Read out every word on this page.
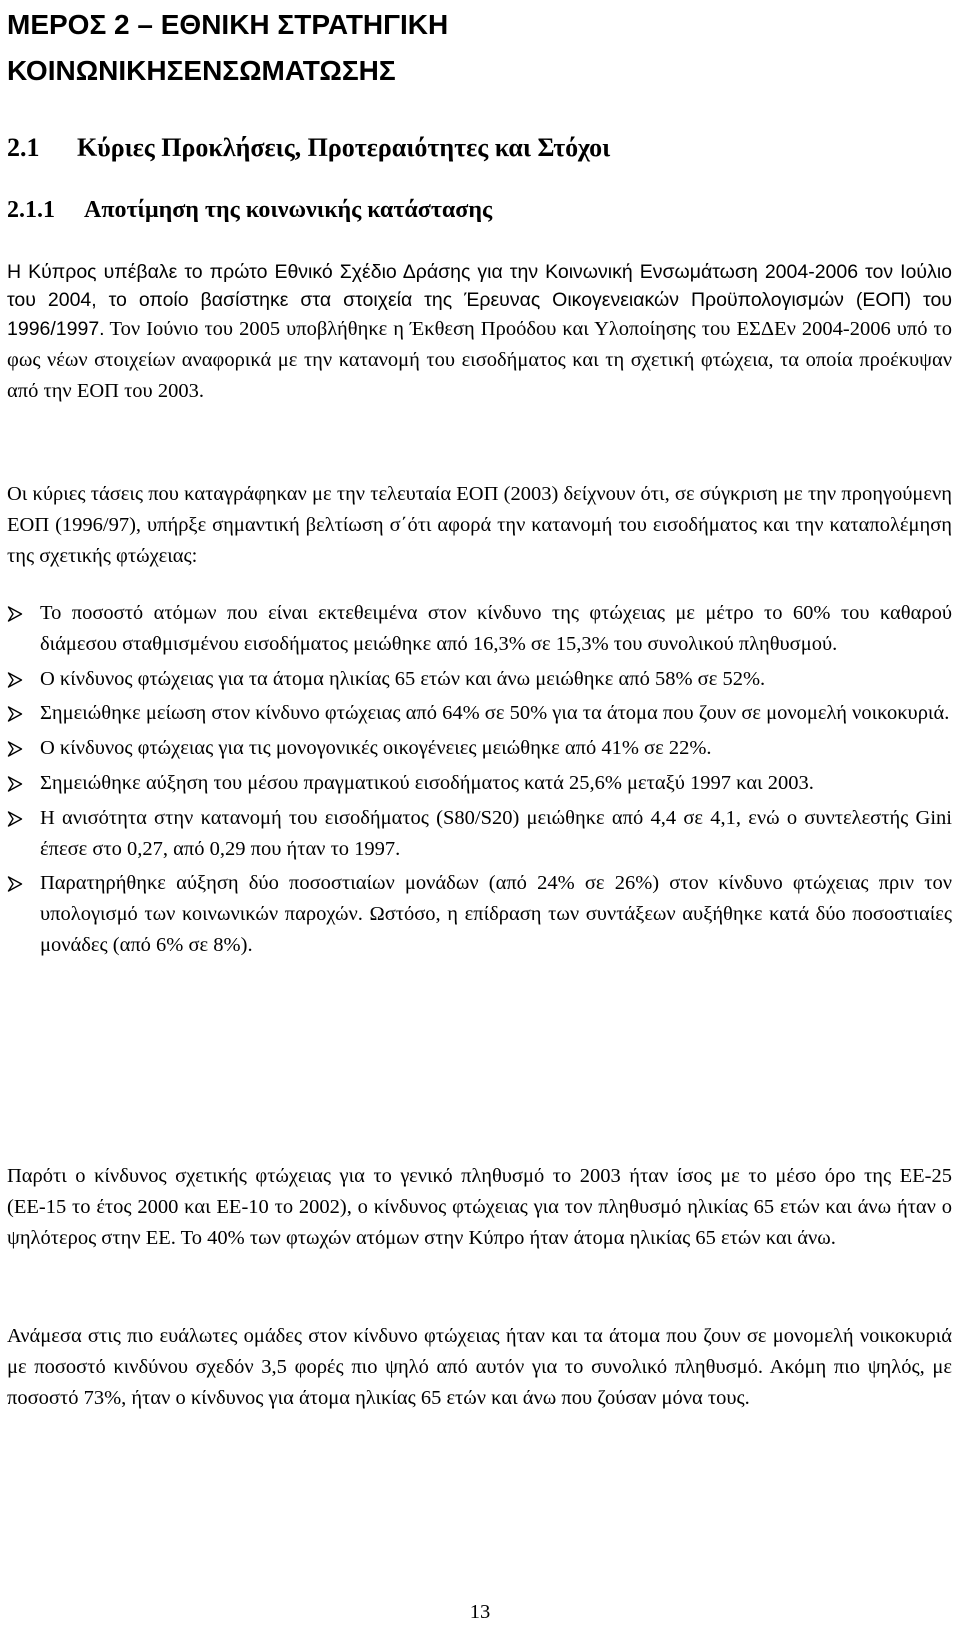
ΜΕΡΟΣ 2 – ΕΘΝΙΚΗ ΣΤΡΑΤΗΓΙΚΗ
ΚΟΙΝΩΝΙΚΗΣΕΝΣΩΜΑΤΩΣΗΣ
2.1 Κύριες Προκλήσεις, Προτεραιότητες και Στόχοι
2.1.1 Αποτίμηση της κοινωνικής κατάστασης

Η Κύπρος υπέβαλε το πρώτο Εθνικό Σχέδιο Δράσης για την Κοινωνική Ενσωμάτωση 2004-2006 τον Ιούλιο του 2004, το οποίο βασίστηκε στα στοιχεία της Έρευνας Οικογενειακών Προϋπολογισμών (ΕΟΠ) του 1996/1997. Τον Ιούνιο του 2005 υποβλήθηκε η Έκθεση Προόδου και Υλοποίησης του ΕΣΔΕν 2004-2006 υπό το φως νέων στοιχείων αναφορικά με την κατανομή του εισοδήματος και τη σχετική φτώχεια, τα οποία προέκυψαν από την ΕΟΠ του 2003.

Οι κύριες τάσεις που καταγράφηκαν με την τελευταία ΕΟΠ (2003) δείχνουν ότι, σε σύγκριση με την προηγούμενη ΕΟΠ (1996/97), υπήρξε σημαντική βελτίωση σ΄ότι αφορά την κατανομή του εισοδήματος και την καταπολέμηση της σχετικής φτώχειας:

Το ποσοστό ατόμων που είναι εκτεθειμένα στον κίνδυνο της φτώχειας με μέτρο το 60% του καθαρού διάμεσου σταθμισμένου εισοδήματος μειώθηκε από 16,3% σε 15,3% του συνολικού πληθυσμού.
Ο κίνδυνος φτώχειας για τα άτομα ηλικίας 65 ετών και άνω μειώθηκε από 58% σε 52%.
Σημειώθηκε μείωση στον κίνδυνο φτώχειας από 64% σε 50% για τα άτομα που ζουν σε μονομελή νοικοκυριά.
Ο κίνδυνος φτώχειας για τις μονογονικές οικογένειες μειώθηκε από 41% σε 22%.
Σημειώθηκε αύξηση του μέσου πραγματικού εισοδήματος κατά 25,6% μεταξύ 1997 και 2003.
Η ανισότητα στην κατανομή του εισοδήματος (S80/S20) μειώθηκε από 4,4 σε 4,1, ενώ ο συντελεστής Gini έπεσε στο 0,27, από 0,29 που ήταν το 1997.
Παρατηρήθηκε αύξηση δύο ποσοστιαίων μονάδων (από 24% σε 26%) στον κίνδυνο φτώχειας πριν τον υπολογισμό των κοινωνικών παροχών. Ωστόσο, η επίδραση των συντάξεων αυξήθηκε κατά δύο ποσοστιαίες μονάδες (από 6% σε 8%).

Παρότι ο κίνδυνος σχετικής φτώχειας για το γενικό πληθυσμό το 2003 ήταν ίσος με το μέσο όρο της ΕΕ-25 (ΕΕ-15 το έτος 2000 και ΕΕ-10 το 2002), ο κίνδυνος φτώχειας για τον πληθυσμό ηλικίας 65 ετών και άνω ήταν ο ψηλότερος στην ΕΕ. Το 40% των φτωχών ατόμων στην Κύπρο ήταν άτομα ηλικίας 65 ετών και άνω.

Ανάμεσα στις πιο ευάλωτες ομάδες στον κίνδυνο φτώχειας ήταν και τα άτομα που ζουν σε μονομελή νοικοκυριά με ποσοστό κινδύνου σχεδόν 3,5 φορές πιο ψηλό από αυτόν για το συνολικό πληθυσμό. Ακόμη πιο ψηλός, με ποσοστό 73%, ήταν ο κίνδυνος για άτομα ηλικίας 65 ετών και άνω που ζούσαν μόνα τους.

13
